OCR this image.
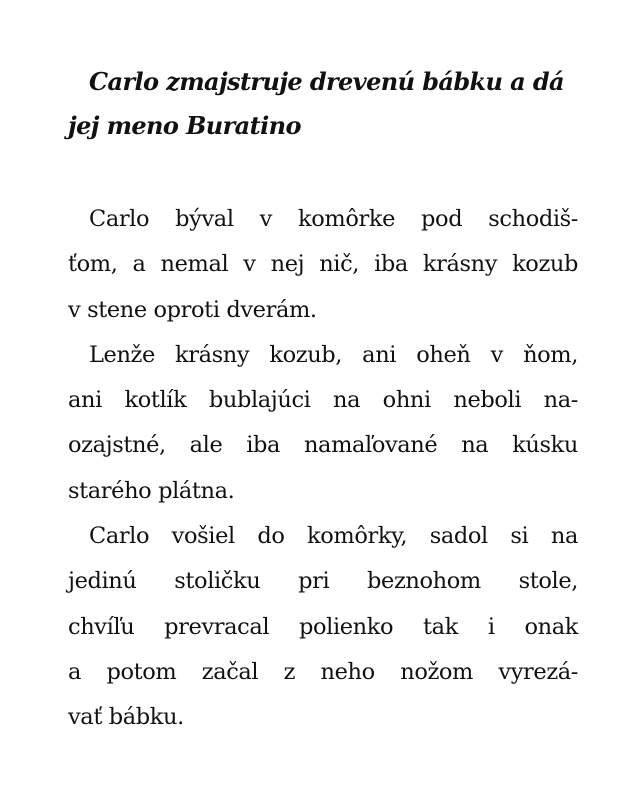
Carlo zmajstruje drevenú bábku a dá
jej meno Buratino

Carlo býval v komôrke pod schodiš-
ťom, a nemal v nej nič, iba krásny kozub
v stene oproti dverám.

Lenže krásny kozub, ani oheň v ňom,
ani kotlík bublajúci na ohni neboli na-
ozajstné, ale iba namaľované na kúsku
starého plátna.

Carlo vošiel do komôrky, sadol si na
jedinú stoličku pri beznohom stole,
chvíľu prevracal polienko tak i onak
a potom začal z neho nožom vyrezá-
vať bábku.
